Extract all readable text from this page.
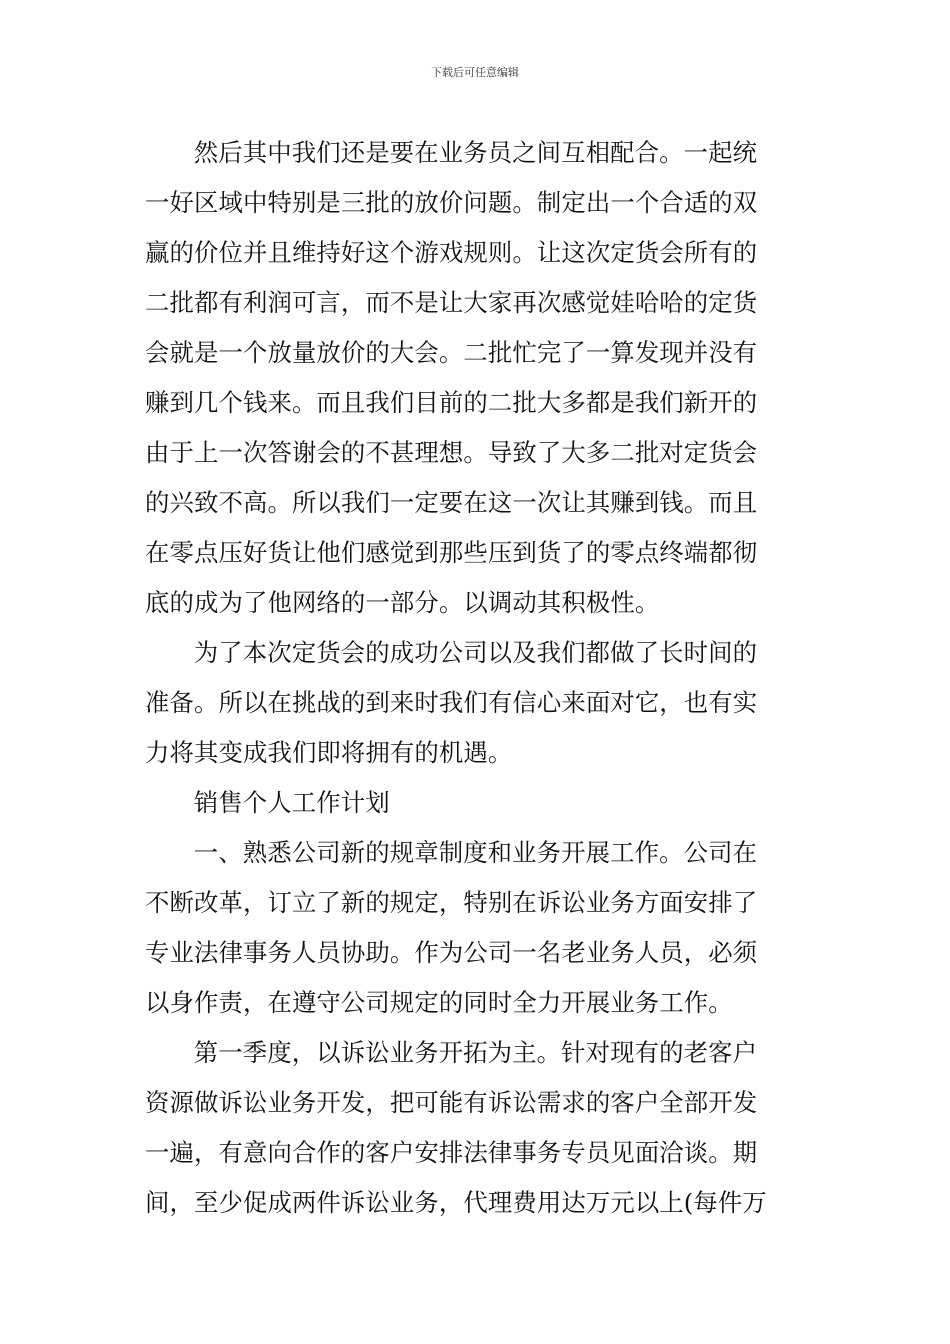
下载后可任意编辑

然后其中我们还是要在业务员之间互相配合。一起统
一好区域中特别是三批的放价问题。制定出一个合适的双
赢的价位并且维持好这个游戏规则。让这次定货会所有的
二批都有利润可言，而不是让大家再次感觉娃哈哈的定货
会就是一个放量放价的大会。二批忙完了一算发现并没有
赚到几个钱来。而且我们目前的二批大多都是我们新开的
由于上一次答谢会的不甚理想。导致了大多二批对定货会
的兴致不高。所以我们一定要在这一次让其赚到钱。而且
在零点压好货让他们感觉到那些压到货了的零点终端都彻
底的成为了他网络的一部分。以调动其积极性。

为了本次定货会的成功公司以及我们都做了长时间的
准备。所以在挑战的到来时我们有信心来面对它，也有实
力将其变成我们即将拥有的机遇。

销售个人工作计划

一、熟悉公司新的规章制度和业务开展工作。公司在
不断改革，订立了新的规定，特别在诉讼业务方面安排了
专业法律事务人员协助。作为公司一名老业务人员，必须
以身作责，在遵守公司规定的同时全力开展业务工作。

第一季度，以诉讼业务开拓为主。针对现有的老客户
资源做诉讼业务开发，把可能有诉讼需求的客户全部开发
一遍，有意向合作的客户安排法律事务专员见面洽谈。期
间，至少促成两件诉讼业务，代理费用达万元以上(每件万
